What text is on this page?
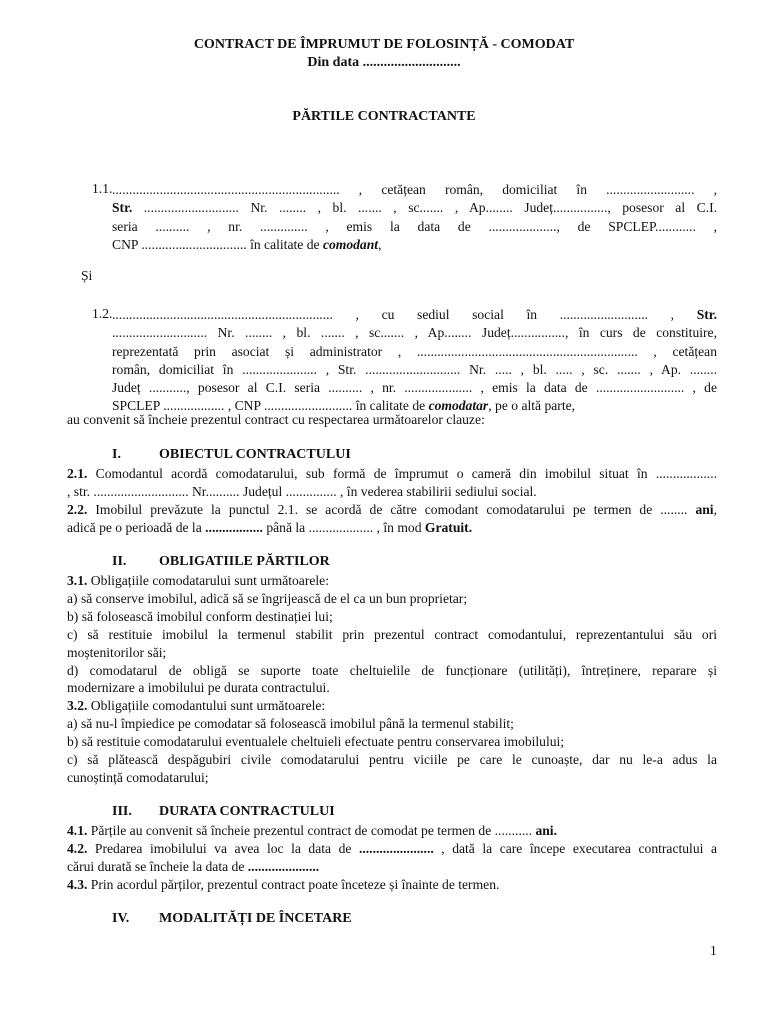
CONTRACT DE ÎMPRUMUT DE FOLOSINȚĂ - COMODAT
Din data ............................
PĂRTILE CONTRACTANTE
1.1. ................................................................... , cetățean român, domiciliat în .......................... ,
Str. ............................ Nr. ........ , bl. ....... , sc....... , Ap........ Județ................, posesor al C.I.
seria .......... , nr. .............. , emis la data de ...................., de SPCLEP............ ,
CNP ............................... în calitate de comodant,
Și
1.2. ................................................................. , cu sediul social în .......................... , Str.
............................ Nr. ........ , bl. ....... , sc....... , Ap........ Județ................, în curs de constituire,
reprezentată prin asociat și administrator , ................................................................. , cetățean
român, domiciliat în ...................... , Str. ............................ Nr. ..... , bl. ..... , sc. ....... , Ap. ........
Județ ..........., posesor al C.I. seria .......... , nr. .................... , emis la data de .......................... , de
SPCLEP .................. , CNP .......................... în calitate de comodatar, pe o altă parte,
au convenit să încheie prezentul contract cu respectarea următoarelor clauze:
I.	OBIECTUL CONTRACTULUI
2.1. Comodantul acordă comodatarului, sub formă de împrumut o cameră din imobilul situat în ..................
, str. ............................ Nr.......... Județul ............... , în vederea stabilirii sediului social.
2.2. Imobilul prevăzute la punctul 2.1. se acordă de către comodant comodatarului pe termen de ........ ani,
adică pe o perioadă de la ................. până la ................... , în mod Gratuit.
II. OBLIGATIILE PĂRTILOR
3.1. Obligațiile comodatarului sunt următoarele:
a) să conserve imobilul, adică să se îngrijească de el ca un bun proprietar;
b) să folosească imobilul conform destinației lui;
c) să restituie imobilul la termenul stabilit prin prezentul contract comodantului, reprezentantului său ori
moștenitorilor săi;
d) comodatarul de obligă se suporte toate cheltuielile de funcționare (utilități), întreținere, reparare și
modernizare a imobilului pe durata contractului.
3.2. Obligațiile comodantului sunt următoarele:
a) să nu-l împiedice pe comodatar să folosească imobilul până la termenul stabilit;
b) să restituie comodatarului eventualele cheltuieli efectuate pentru conservarea imobilului;
c) să plătească despăgubiri civile comodatarului pentru viciile pe care le cunoaște, dar nu le-a adus la
cunoștință comodatarului;
III. DURATA CONTRACTULUI
4.1. Părțile au convenit să încheie prezentul contract de comodat pe termen de ........... ani.
4.2. Predarea imobilului va avea loc la data de ...................... , dată la care începe executarea contractului a
cărui durată se încheie la data de .....................
4.3. Prin acordul părților, prezentul contract poate înceteze și înainte de termen.
IV. MODALITĂȚI DE ÎNCETARE
1
